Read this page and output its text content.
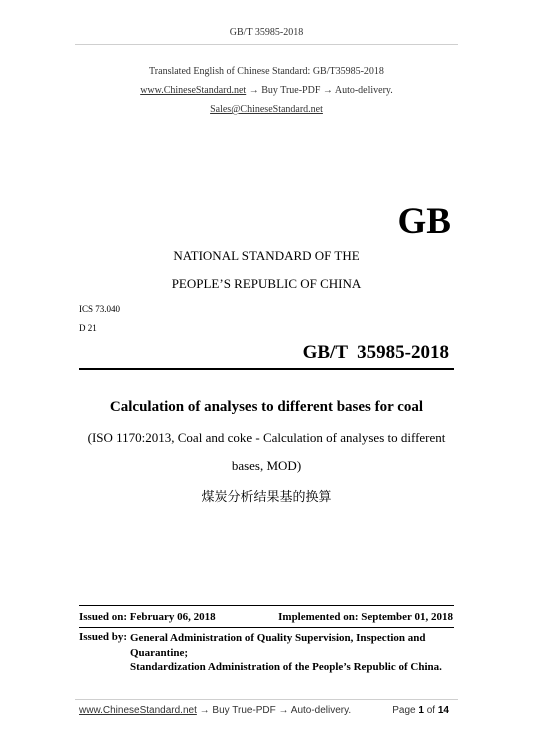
GB/T 35985-2018
Translated English of Chinese Standard: GB/T35985-2018
www.ChineseStandard.net → Buy True-PDF → Auto-delivery.
Sales@ChineseStandard.net
GB
NATIONAL STANDARD OF THE
PEOPLE’S REPUBLIC OF CHINA
ICS 73.040
D 21
GB/T  35985-2018
Calculation of analyses to different bases for coal
(ISO 1170:2013, Coal and coke - Calculation of analyses to different
bases, MOD)
煤炭分析结果基的换算
Issued on: February 06, 2018	Implemented on: September 01, 2018
Issued by: General Administration of Quality Supervision, Inspection and
Quarantine;
Standardization Administration of the People’s Republic of China.
www.ChineseStandard.net → Buy True-PDF → Auto-delivery.	Page 1 of 14
